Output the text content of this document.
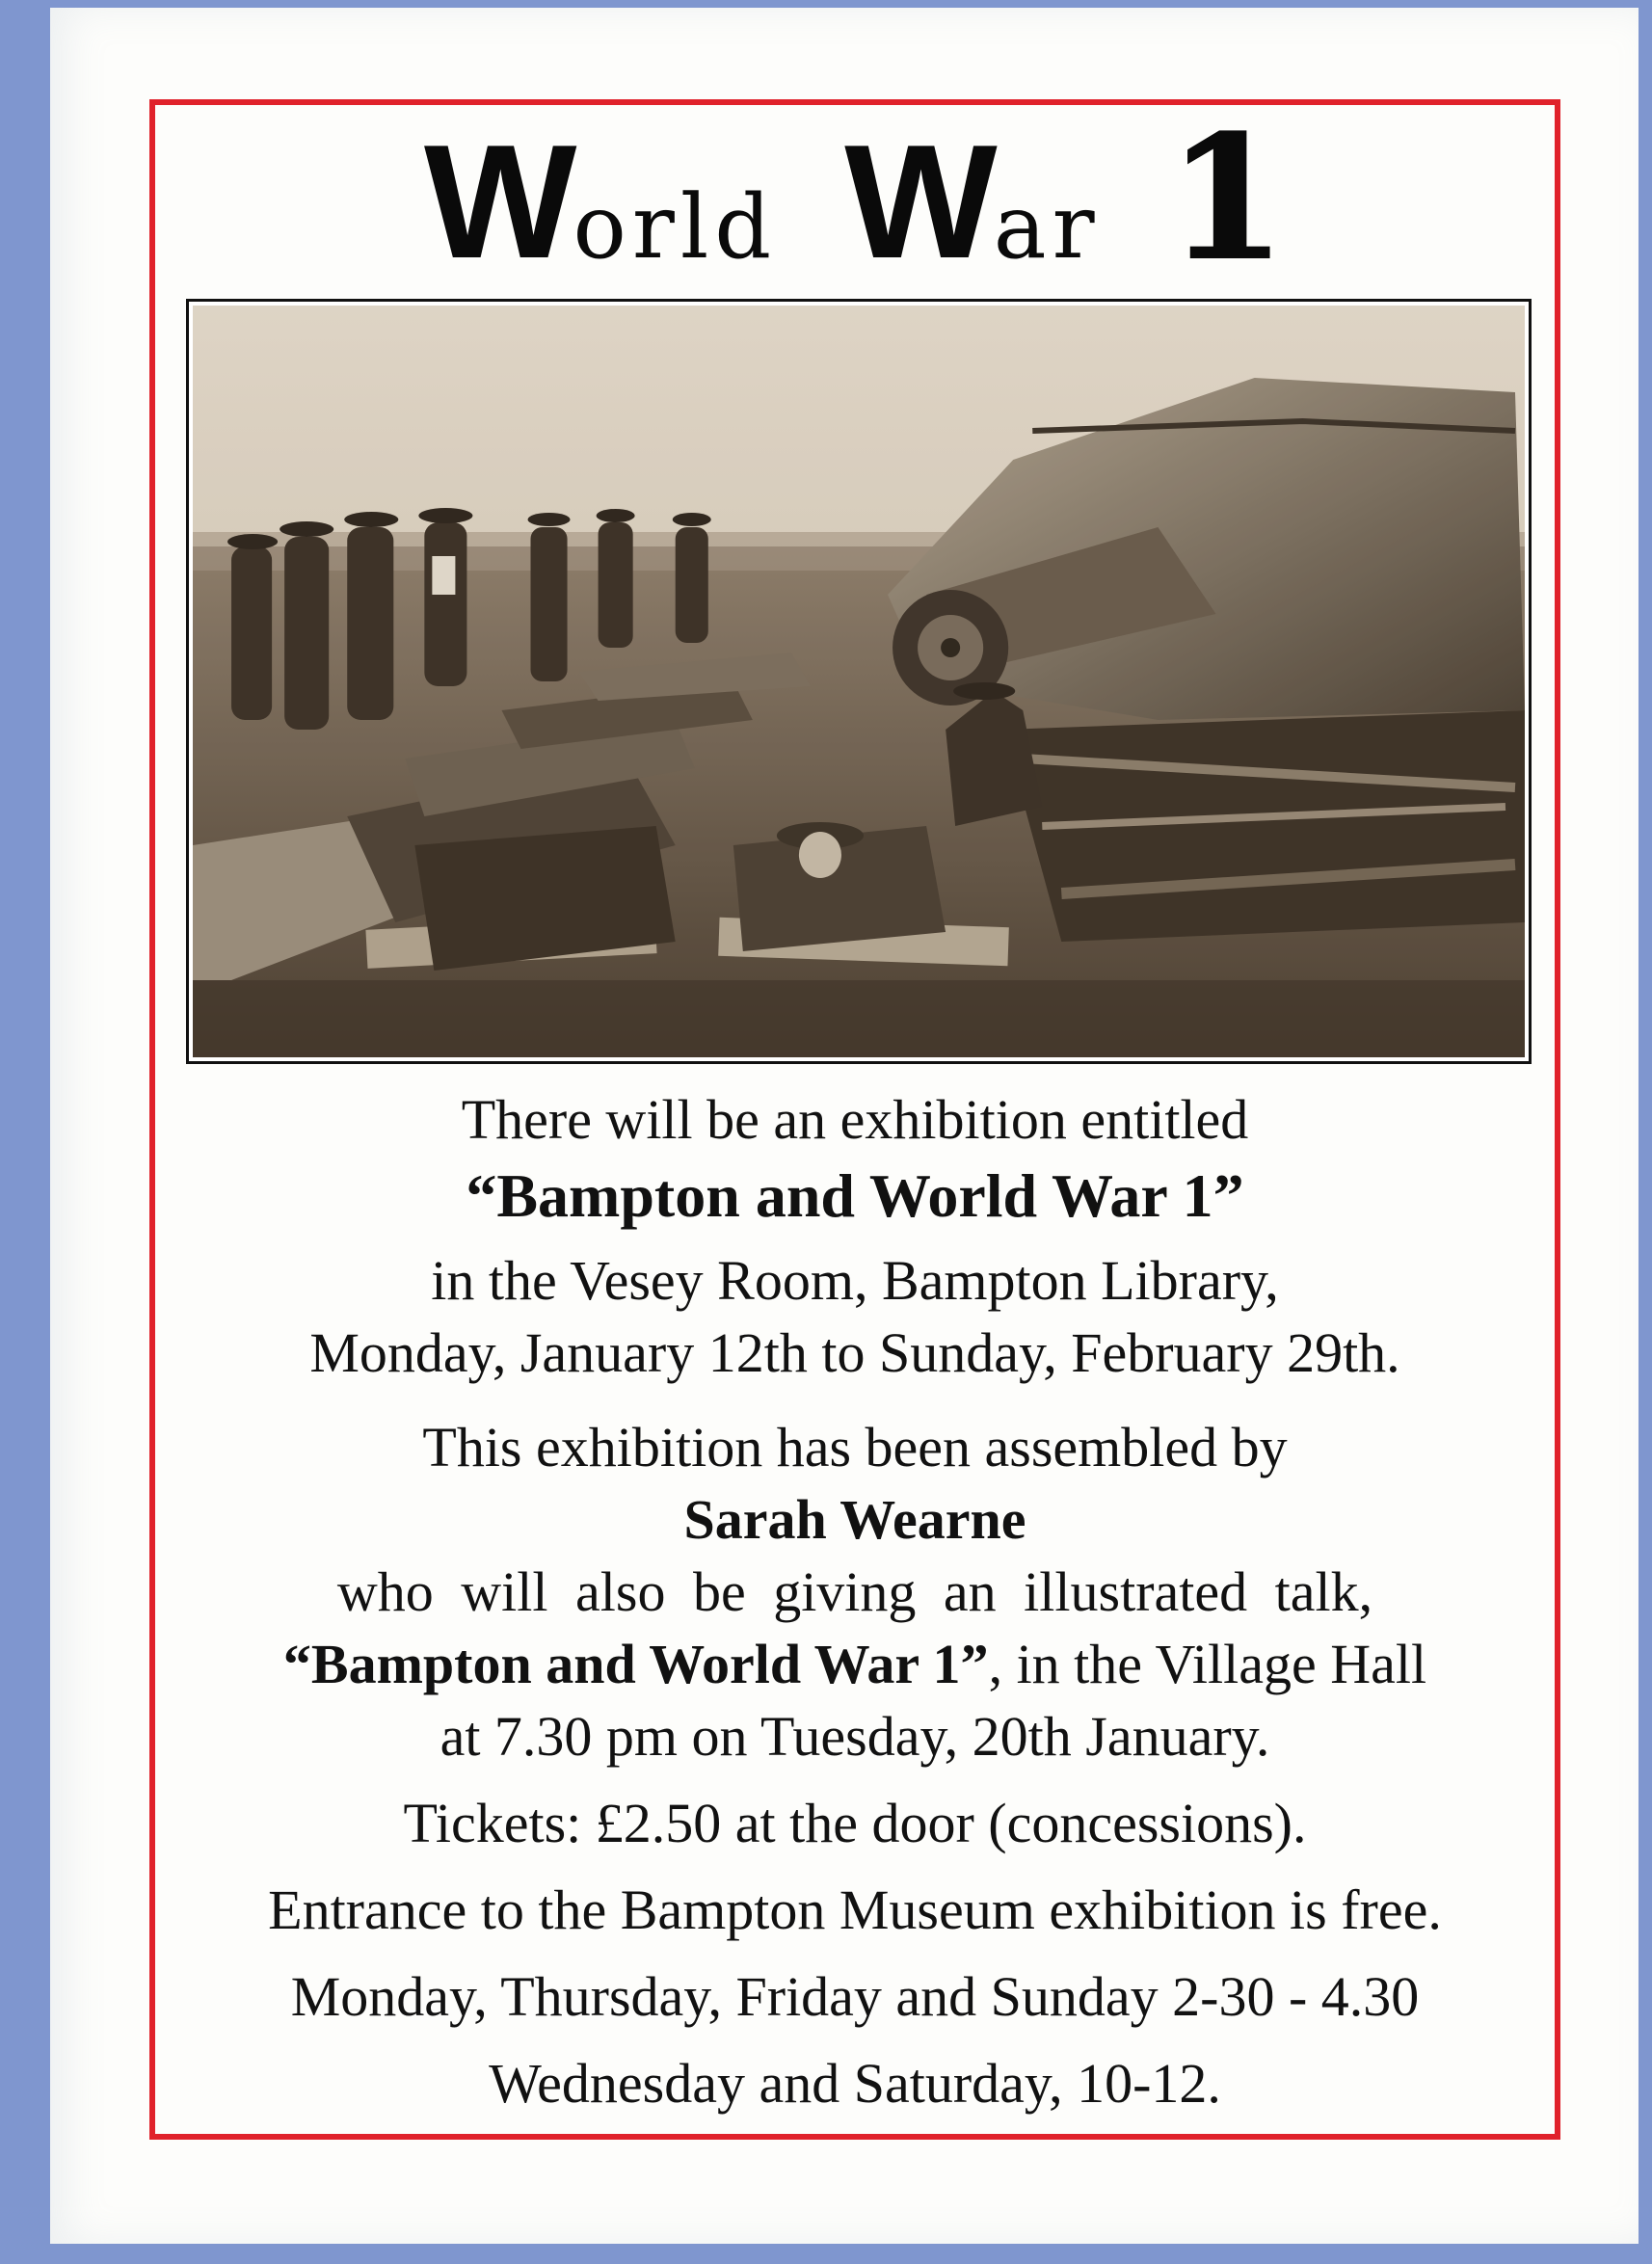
World War 1
There will be an exhibition entitled
“Bampton and World War 1”
in the Vesey Room, Bampton Library,
Monday, January 12th to Sunday, February 29th.
This exhibition has been assembled by
Sarah Wearne
who will also be giving an illustrated talk,
“Bampton and World War 1”, in the Village Hall
at 7.30 pm on Tuesday, 20th January.
Tickets: £2.50 at the door (concessions).
Entrance to the Bampton Museum exhibition is free.
Monday, Thursday, Friday and Sunday 2-30 - 4.30
Wednesday and Saturday, 10-12.
